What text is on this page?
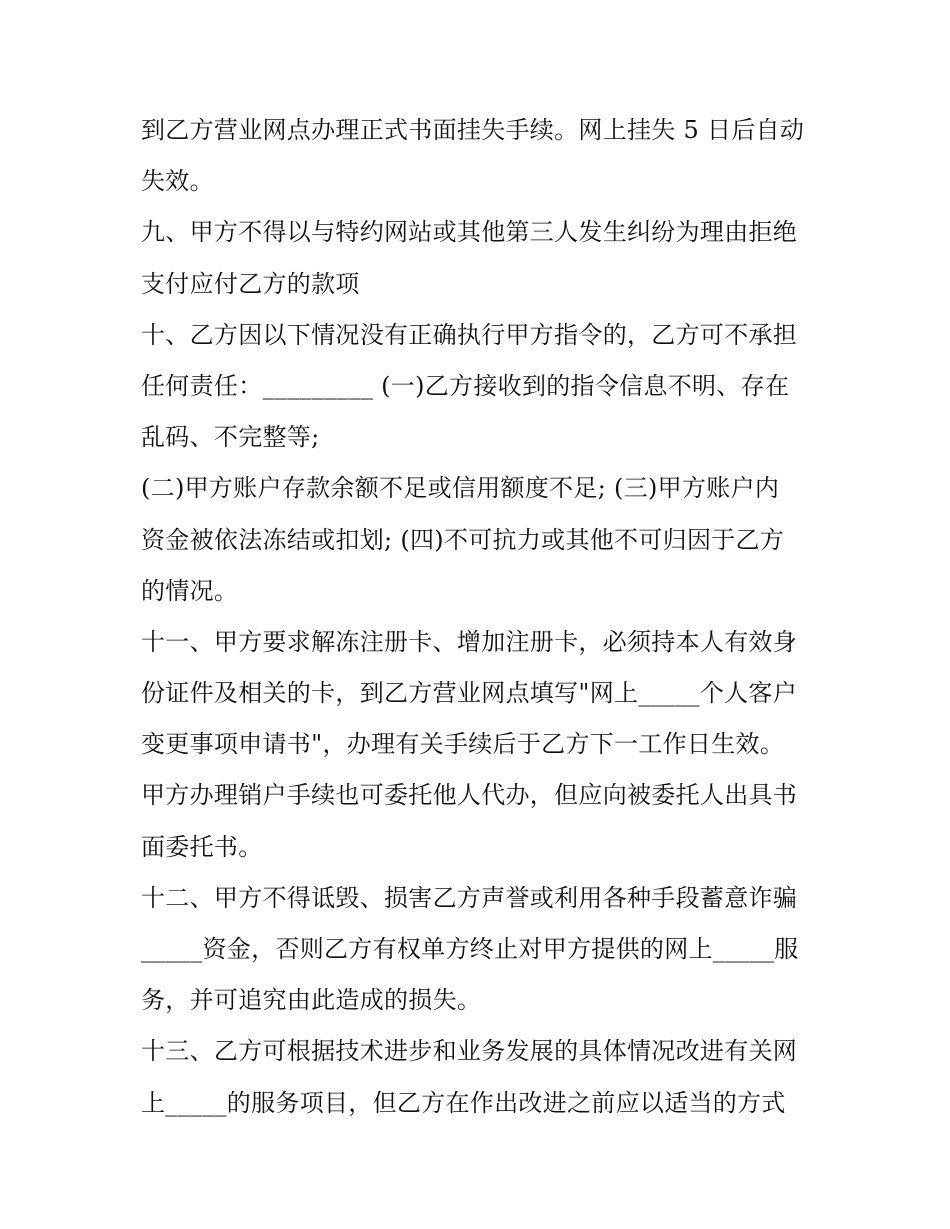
到乙方营业网点办理正式书面挂失手续。网上挂失 5 日后自动
失效。
九、甲方不得以与特约网站或其他第三人发生纠纷为理由拒绝
支付应付乙方的款项
十、乙方因以下情况没有正确执行甲方指令的，乙方可不承担
任何责任：_________ (一)乙方接收到的指令信息不明、存在
乱码、不完整等;
(二)甲方账户存款余额不足或信用额度不足; (三)甲方账户内
资金被依法冻结或扣划; (四)不可抗力或其他不可归因于乙方
的情况。
十一、甲方要求解冻注册卡、增加注册卡，必须持本人有效身
份证件及相关的卡，到乙方营业网点填写"网上_____个人客户
变更事项申请书"，办理有关手续后于乙方下一工作日生效。
甲方办理销户手续也可委托他人代办，但应向被委托人出具书
面委托书。
十二、甲方不得诋毁、损害乙方声誉或利用各种手段蓄意诈骗
_____资金，否则乙方有权单方终止对甲方提供的网上_____服
务，并可追究由此造成的损失。
十三、乙方可根据技术进步和业务发展的具体情况改进有关网
上_____的服务项目，但乙方在作出改进之前应以适当的方式
